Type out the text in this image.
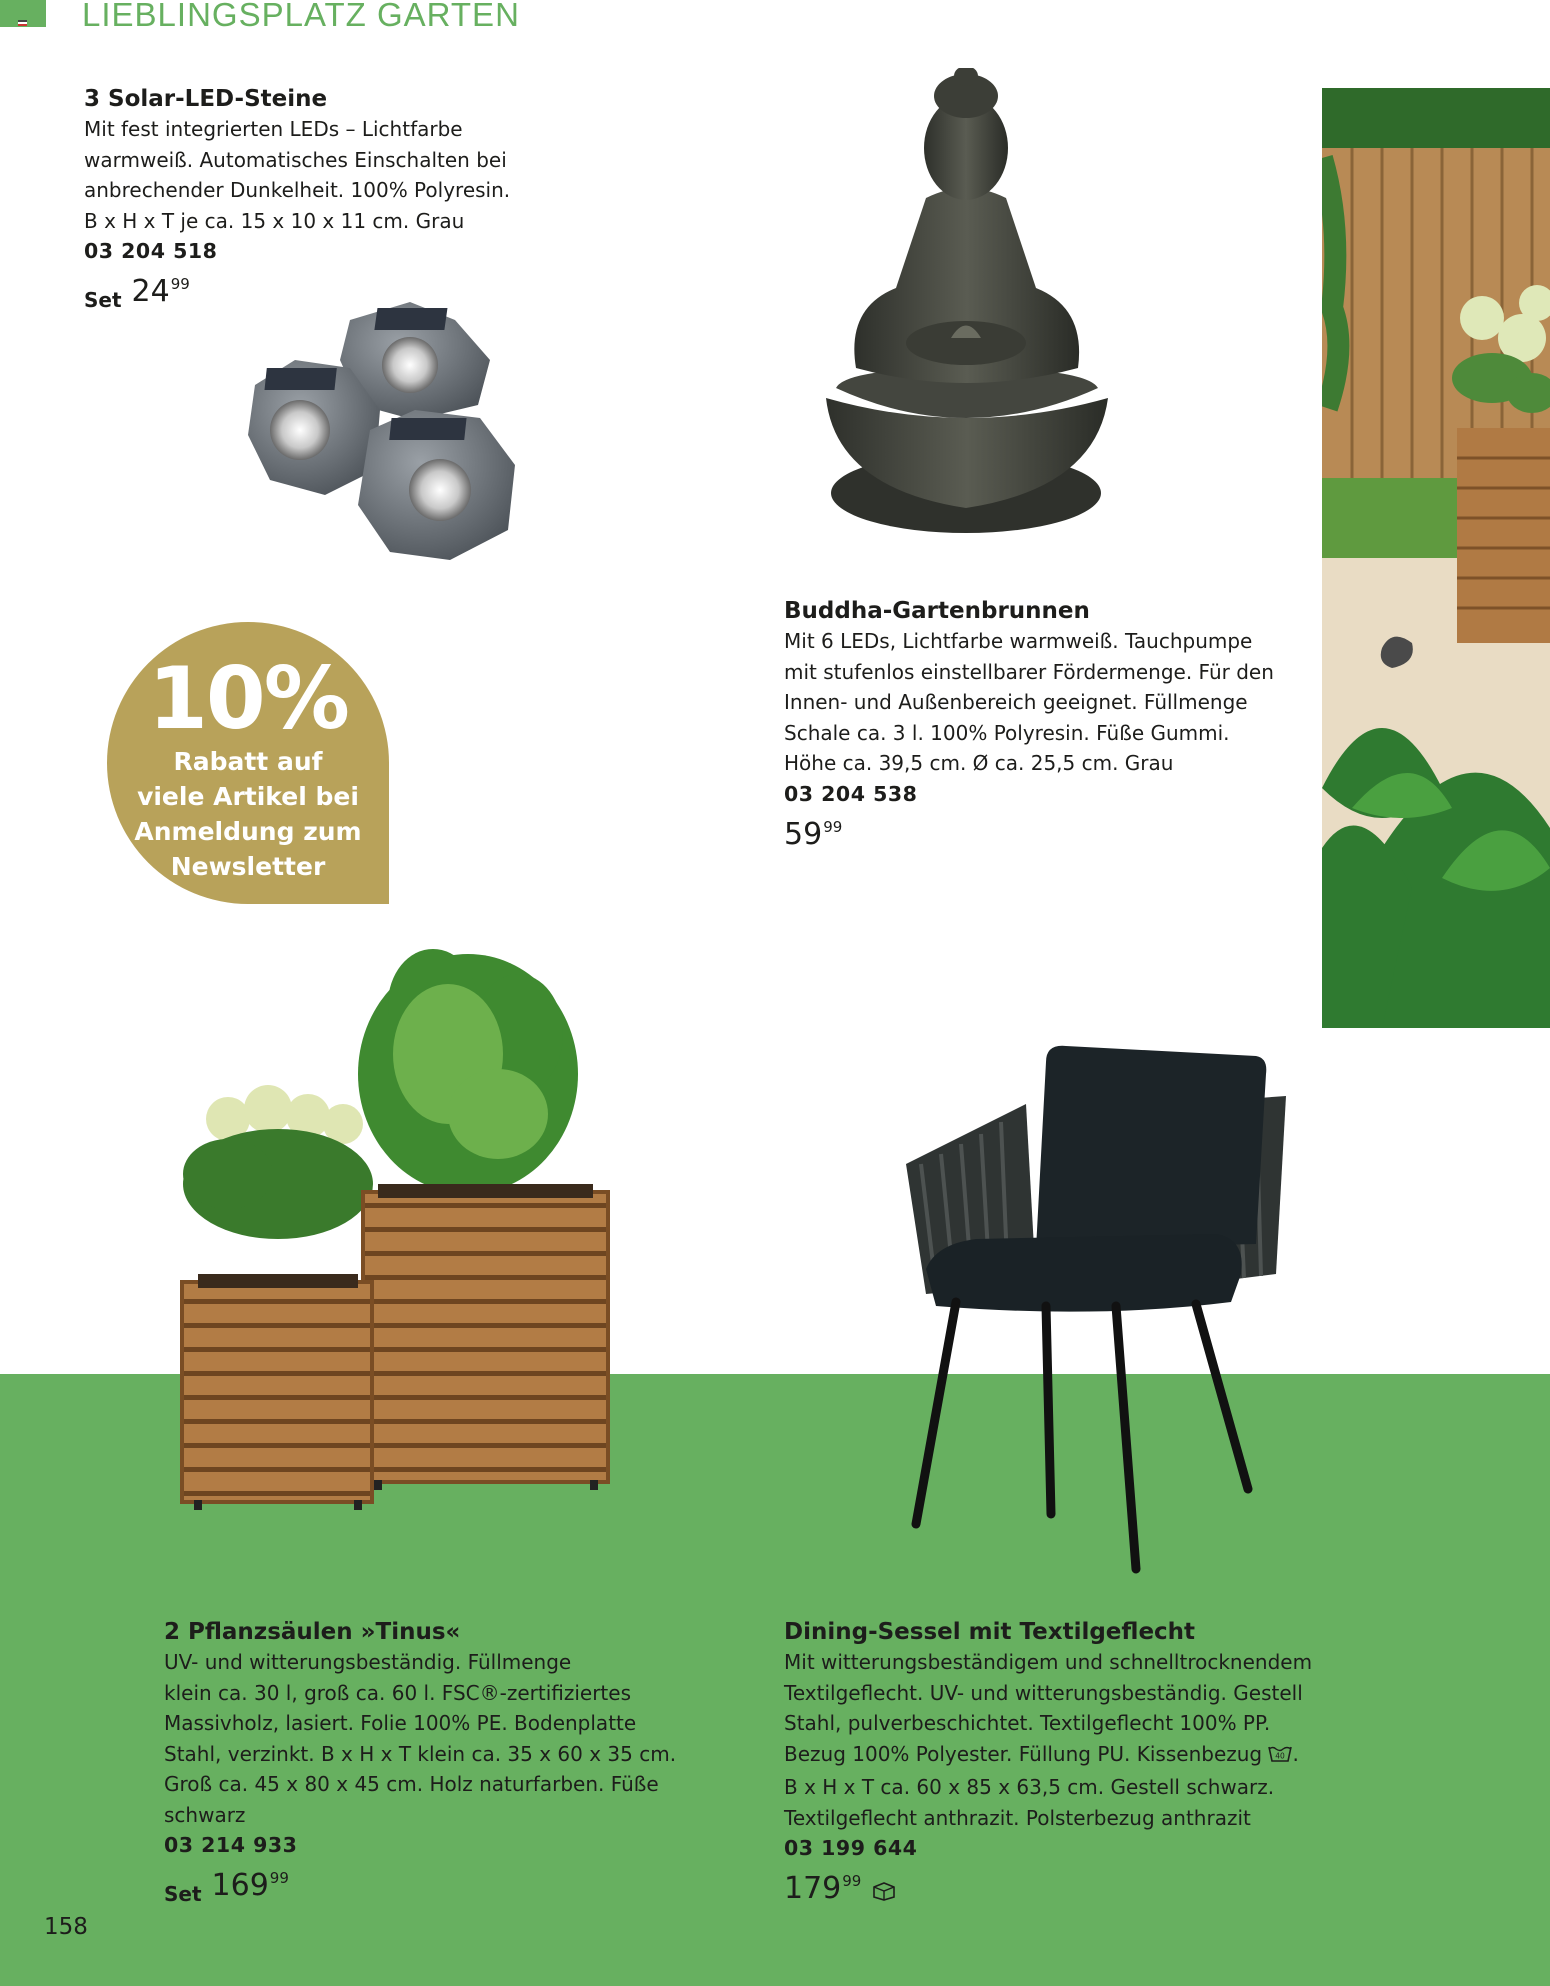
LIEBLINGSPLATZ GARTEN
3 Solar-LED-Steine
Mit fest integrierten LEDs – Lichtfarbe
warmweiß. Automatisches Einschalten bei
anbrechender Dunkelheit. 100% Polyresin.
B x H x T je ca. 15 x 10 x 11 cm. Grau
03 204 518
Set 24 99
Buddha-Gartenbrunnen
Mit 6 LEDs, Lichtfarbe warmweiß. Tauchpumpe
mit stufenlos einstellbarer Fördermenge. Für den
Innen- und Außenbereich geeignet. Füllmenge
Schale ca. 3 l. 100% Polyresin. Füße Gummi.
Höhe ca. 39,5 cm. Ø ca. 25,5 cm. Grau
03 204 538
59 99
10%
Rabatt auf
viele Artikel bei
Anmeldung zum
Newsletter
2 Pflanzsäulen »Tinus«
UV- und witterungsbeständig. Füllmenge
klein ca. 30 l, groß ca. 60 l. FSC®-zertifiziertes
Massivholz, lasiert. Folie 100% PE. Bodenplatte
Stahl, verzinkt. B x H x T klein ca. 35 x 60 x 35 cm.
Groß ca. 45 x 80 x 45 cm. Holz naturfarben. Füße
schwarz
03 214 933
Set 169 99
Dining-Sessel mit Textilgeflecht
Mit witterungsbeständigem und schnelltrocknendem
Textilgeflecht. UV- und witterungsbeständig. Gestell
Stahl, pulverbeschichtet. Textilgeflecht 100% PP.
Bezug 100% Polyester. Füllung PU. Kissenbezug 40 .
B x H x T ca. 60 x 85 x 63,5 cm. Gestell schwarz.
Textilgeflecht anthrazit. Polsterbezug anthrazit
03 199 644
179 99
158
